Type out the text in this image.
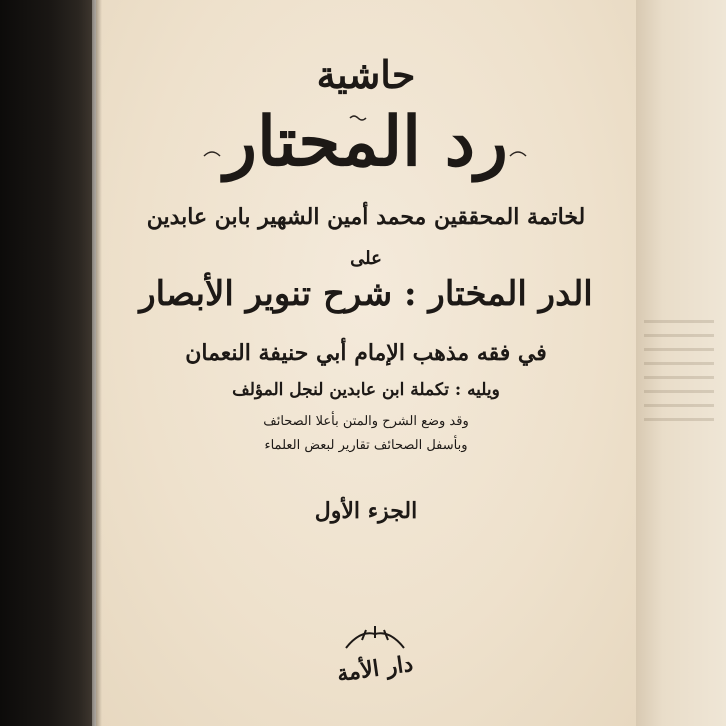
حاشية
رد المحتار
لخاتمة المحققين محمد أمين الشهير بابن عابدين
على
الدر المختار : شرح تنوير الأبصار
في فقه مذهب الإمام أبي حنيفة النعمان
ويليه : تكملة ابن عابدين لنجل المؤلف
وقد وضع الشرح والمتن بأعلا الصحائف
وبأسفل الصحائف تقارير لبعض العلماء
الجزء الأول
دار الأمة
